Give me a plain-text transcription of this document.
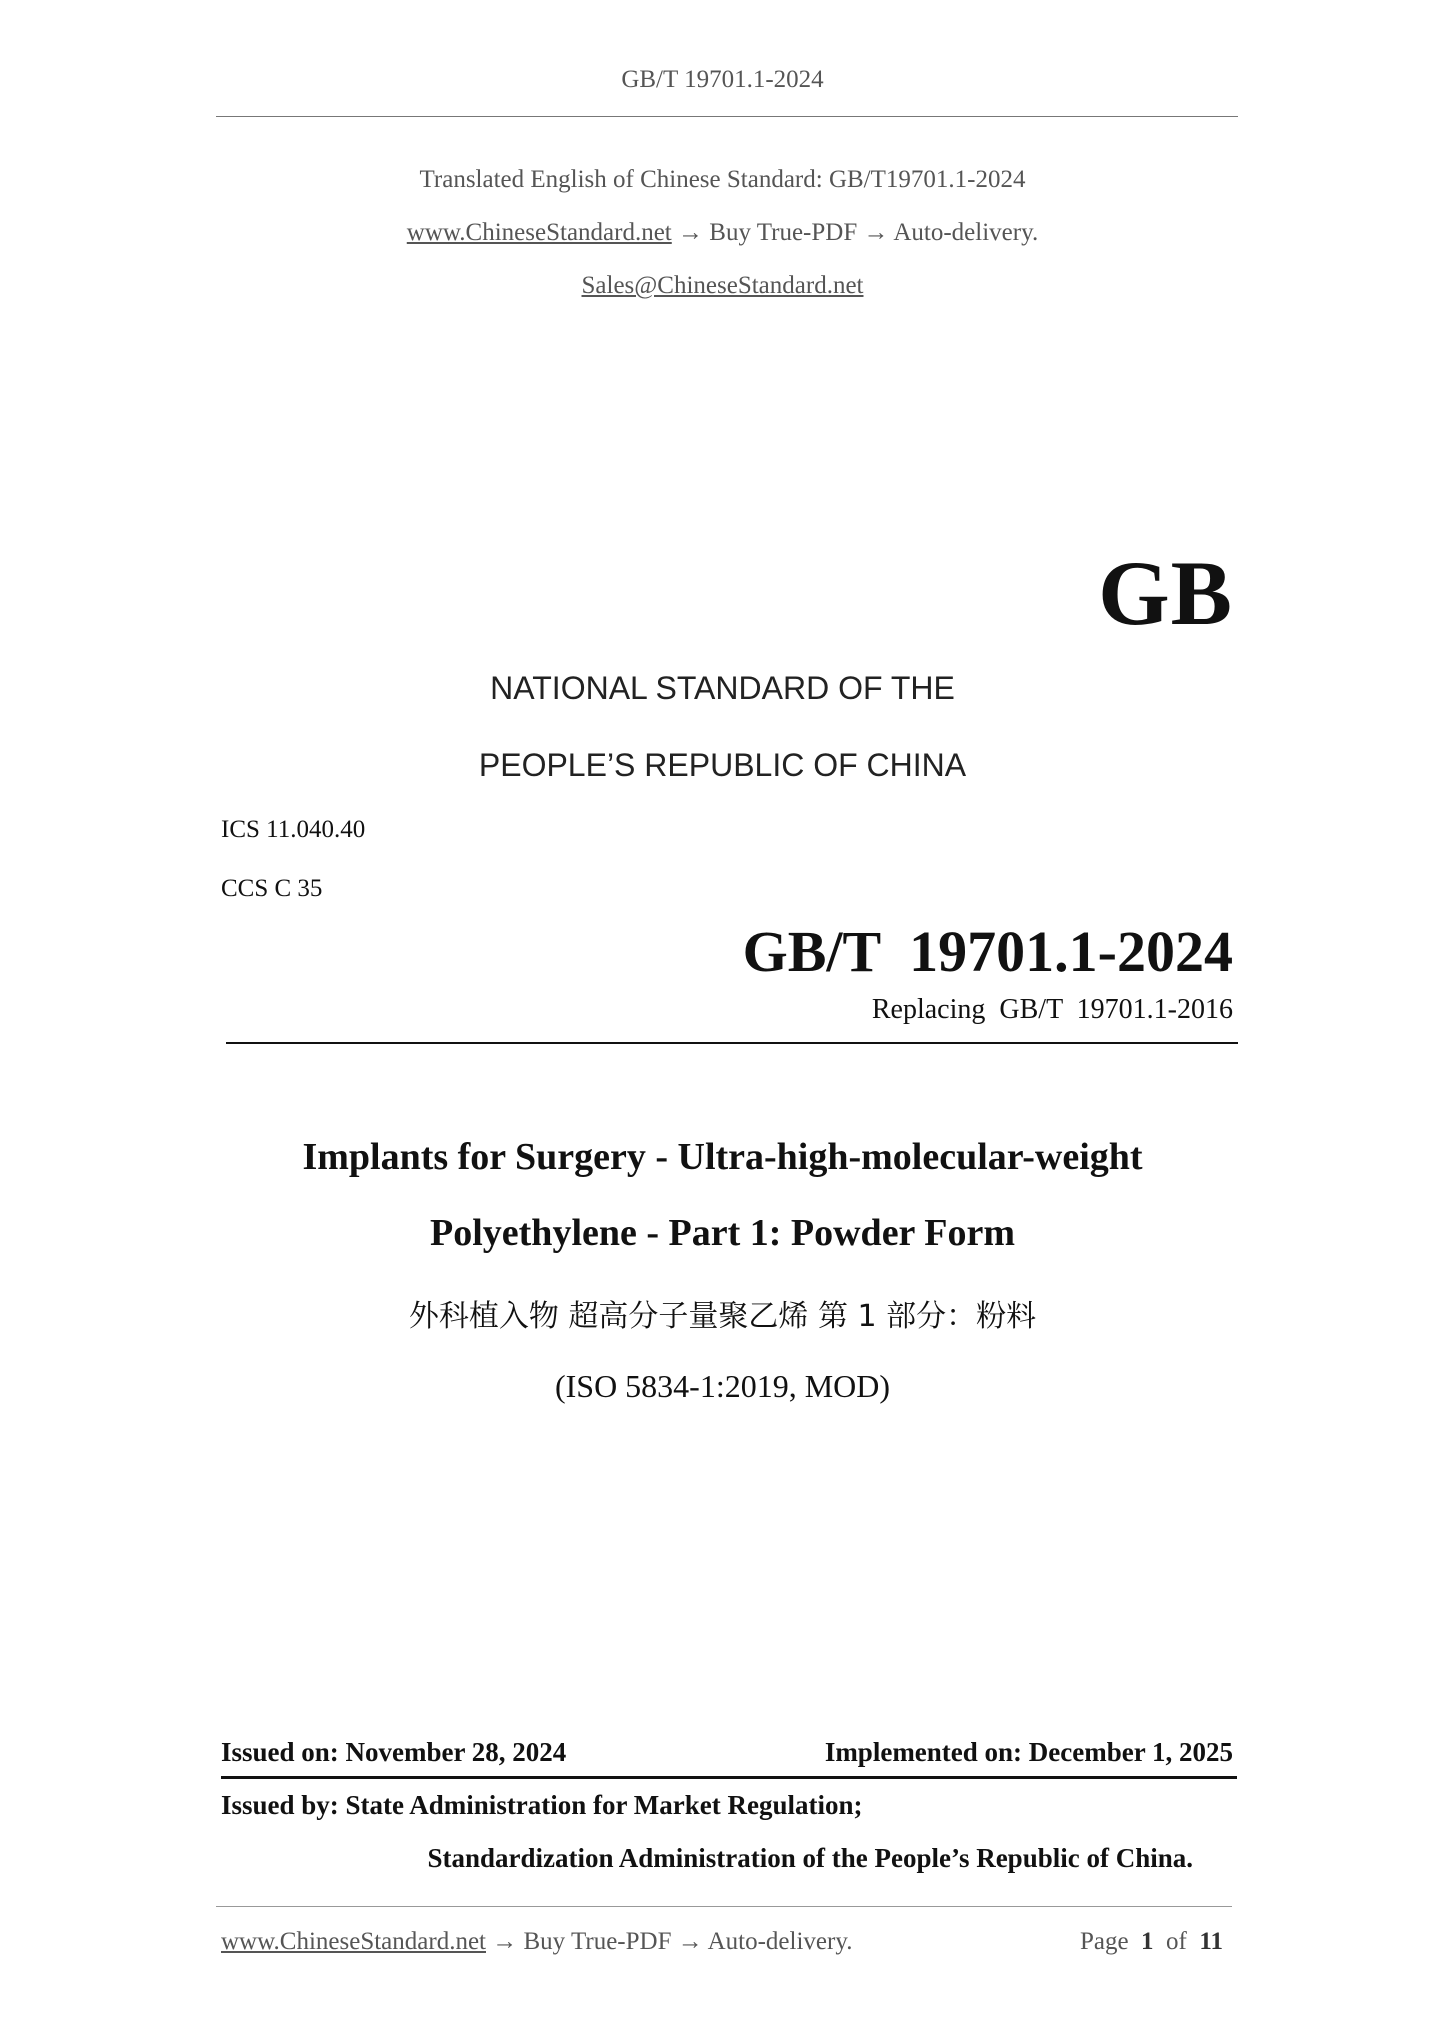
GB/T 19701.1-2024
Translated English of Chinese Standard: GB/T19701.1-2024
www.ChineseStandard.net → Buy True-PDF → Auto-delivery.
Sales@ChineseStandard.net
GB
NATIONAL STANDARD OF THE
PEOPLE’S REPUBLIC OF CHINA
ICS 11.040.40
CCS C 35
GB/T  19701.1-2024
Replacing  GB/T  19701.1-2016
Implants for Surgery - Ultra-high-molecular-weight
Polyethylene - Part 1: Powder Form
外科植入物 超高分子量聚乙烯 第 1 部分：粉料
(ISO 5834-1:2019, MOD)
Issued on: November 28, 2024	Implemented on: December 1, 2025
Issued by: State Administration for Market Regulation;
Standardization Administration of the People’s Republic of China.
www.ChineseStandard.net → Buy True-PDF → Auto-delivery.	Page 1 of 11
